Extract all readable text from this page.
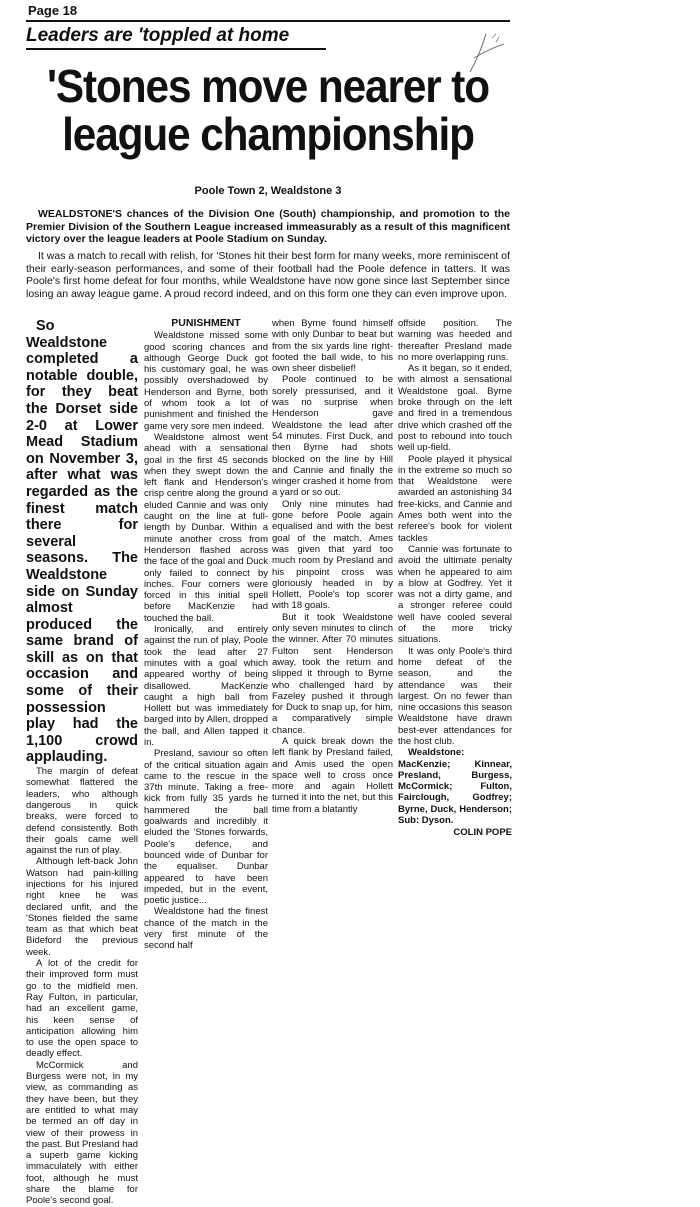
Page 18
Leaders are 'toppled at home
'Stones move nearer to league championship
Poole Town 2, Wealdstone 3

WEALDSTONE'S chances of the Division One (South) championship, and promotion to the Premier Division of the Southern League increased immeasurably as a result of this magnificent victory over the league leaders at Poole Stadium on Sunday.

It was a match to recall with relish, for 'Stones hit their best form for many weeks, more reminiscent of their early-season performances, and some of their football had the Poole defence in tatters. It was Poole's first home defeat for four months, while Wealdstone have now gone since last September since losing an away league game. A proud record indeed, and on this form one they can even improve upon.

So Wealdstone completed a notable double, for they beat the Dorset side 2-0 at Lower Mead Stadium on November 3, after what was regarded as the finest match there for several seasons. The Wealdstone side on Sunday almost produced the same brand of skill as on that occasion and some of their possession play had the 1,100 crowd applauding.

The margin of defeat somewhat flattered the leaders, who although dangerous in quick breaks, were forced to defend consistently. Both their goals came well against the run of play.

Although left-back John Watson had pain-killing injections for his injured right knee he was declared unfit, and the 'Stones fielded the same team as that which beat Bideford the previous week.

A lot of the credit for their improved form must go to the midfield men. Ray Fulton, in particular, had an excellent game, his keen sense of anticipation allowing him to use the open space to deadly effect.

McCormick and Burgess were not, in my view, as commanding as they have been, but they are entitled to what may be termed an off day in view of their prowess in the past. But Presland had a superb game kicking immaculately with either foot, although he must share the blame for Poole's second goal.

PUNISHMENT

Wealdstone missed some good scoring chances and although George Duck got his customary goal, he was possibly overshadowed by Henderson and Byrne, both of whom took a lot of punishment and finished the game very sore men indeed.

Wealdstone almost went ahead with a sensational goal in the first 45 seconds when they swept down the left flank and Henderson's crisp centre along the ground eluded Cannie and was only caught on the line at full-length by Dunbar. Within a minute another cross from Henderson flashed across the face of the goal and Duck only failed to connect by inches. Four corners were forced in this initial spell before MacKenzie had touched the ball.

Ironically, and entirely against the run of play, Poole took the lead after 27 minutes with a goal which appeared worthy of being disallowed. MacKenzie caught a high ball from Hollett but was immediately barged into by Allen, dropped the ball, and Allen tapped it in.

Presland, saviour so often of the critical situation again came to the rescue in the 37th minute. Taking a free-kick from fully 35 yards he hammered the ball goalwards and incredibly it eluded the 'Stones forwards, Poole's defence, and bounced wide of Dunbar for the equaliser. Dunbar appeared to have been impeded, but in the event, poetic justice...

Wealdstone had the finest chance of the match in the very first minute of the second half

when Byrne found himself with only Dunbar to beat but from the six yards line right-footed the ball wide, to his own sheer disbelief!

Poole continued to be sorely pressurised, and it was no surprise when Henderson gave Wealdstone the lead after 54 minutes. First Duck, and then Byrne had shots blocked on the line by Hill and Cannie and finally the winger crashed it home from a yard or so out.

Only nine minutes had gone before Poole again equalised and with the best goal of the match. Ames was given that yard too much room by Presland and his pinpoint cross was gloriously headed in by Hollett, Poole's top scorer with 18 goals.

But it took Wealdstone only seven minutes to clinch the winner. After 70 minutes Fulton sent Henderson away, took the return and slipped it through to Byrne who challenged hard by Fazeley pushed it through for Duck to snap up, for him, a comparatively simple chance.

A quick break down the left flank by Presland failed, and Amis used the open space well to cross once more and again Hollett turned it into the net, but this time from a blatantly

offside position. The warning was heeded and thereafter Presland made no more overlapping runs.

As it began, so it ended, with almost a sensational Wealdstone goal. Byrne broke through on the left and fired in a tremendous drive which crashed off the post to rebound into touch well up-field.

Poole played it physical in the extreme so much so that Wealdstone were awarded an astonishing 34 free-kicks, and Cannie and Ames both went into the referee's book for violent tackles

Cannie was fortunate to avoid the ultimate penalty when he appeared to aim a blow at Godfrey. Yet it was not a dirty game, and a stronger referee could well have cooled several of the more tricky situations.

It was only Poole's third home defeat of the season, and the attendance was their largest. On no fewer than nine occasions this season Wealdstone have drawn best-ever attendances for the host club.

Wealdstone: MacKenzie; Kinnear, Presland, Burgess, McCormick; Fulton, Fairclough, Godfrey; Byrne, Duck, Henderson; Sub: Dyson.

COLIN POPE
